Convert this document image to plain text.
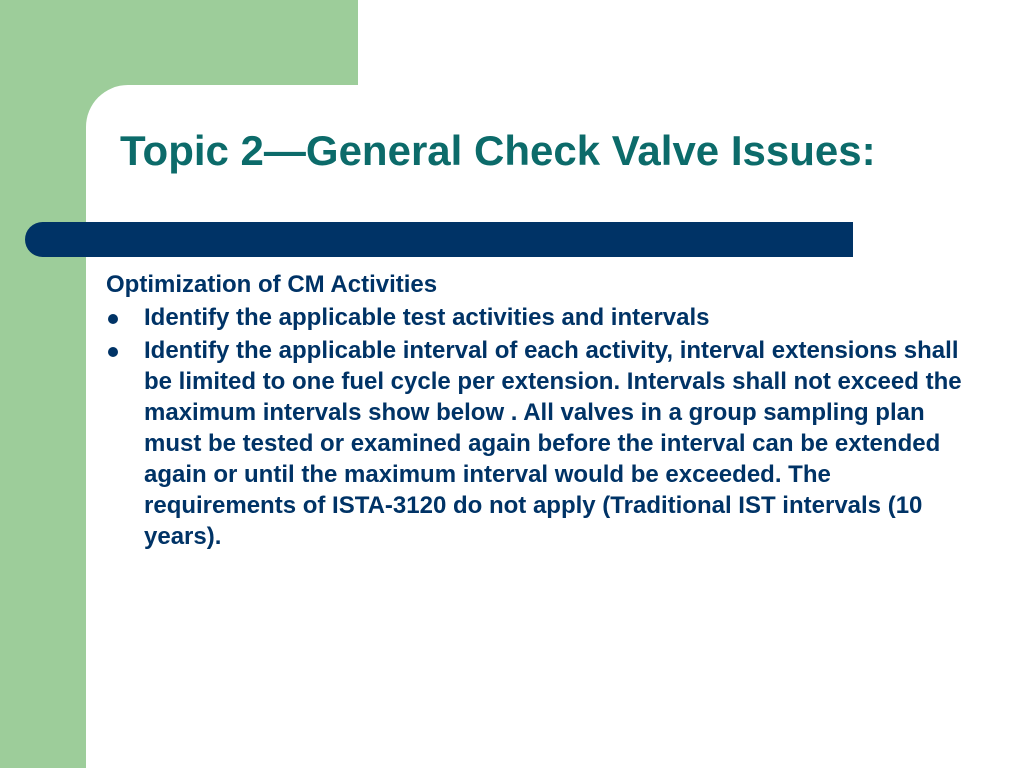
Topic 2—General Check Valve Issues:
Optimization of CM Activities
Identify the applicable test activities and intervals
Identify the applicable interval of each activity, interval extensions shall be limited to one fuel cycle per extension. Intervals shall not exceed the maximum intervals show below . All valves in a group sampling plan must be tested or examined again before the interval can be extended again or until the maximum interval would be exceeded. The requirements of ISTA-3120 do not apply (Traditional IST intervals (10 years).
